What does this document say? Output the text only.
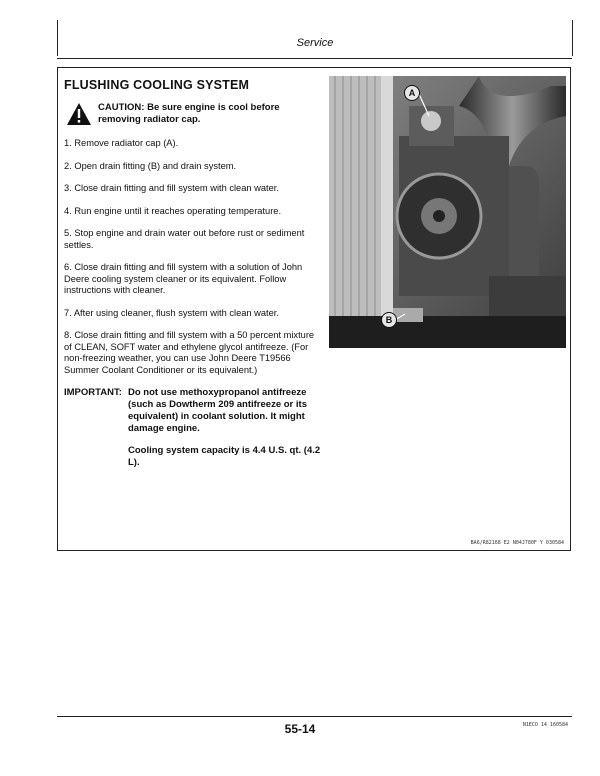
Service
FLUSHING COOLING SYSTEM
CAUTION: Be sure engine is cool before removing radiator cap.
1. Remove radiator cap (A).
2. Open drain fitting (B) and drain system.
3. Close drain fitting and fill system with clean water.
4. Run engine until it reaches operating temperature.
5. Stop engine and drain water out before rust or sediment settles.
6. Close drain fitting and fill system with a solution of John Deere cooling system cleaner or its equivalent. Follow instructions with cleaner.
7. After using cleaner, flush system with clean water.
8. Close drain fitting and fill system with a 50 percent mixture of CLEAN, SOFT water and ethylene glycol antifreeze. (For non-freezing weather, you can use John Deere T19566 Summer Coolant Conditioner or its equivalent.)
IMPORTANT: Do not use methoxypropanol antifreeze (such as Dowtherm 209 antifreeze or its equivalent) in coolant solution. It might damage engine.
Cooling system capacity is 4.4 U.S. qt. (4.2 L).
A
B
BA6/R82168 E2 N04J780F Y 030584
55-14	N1ECO 14 160584
